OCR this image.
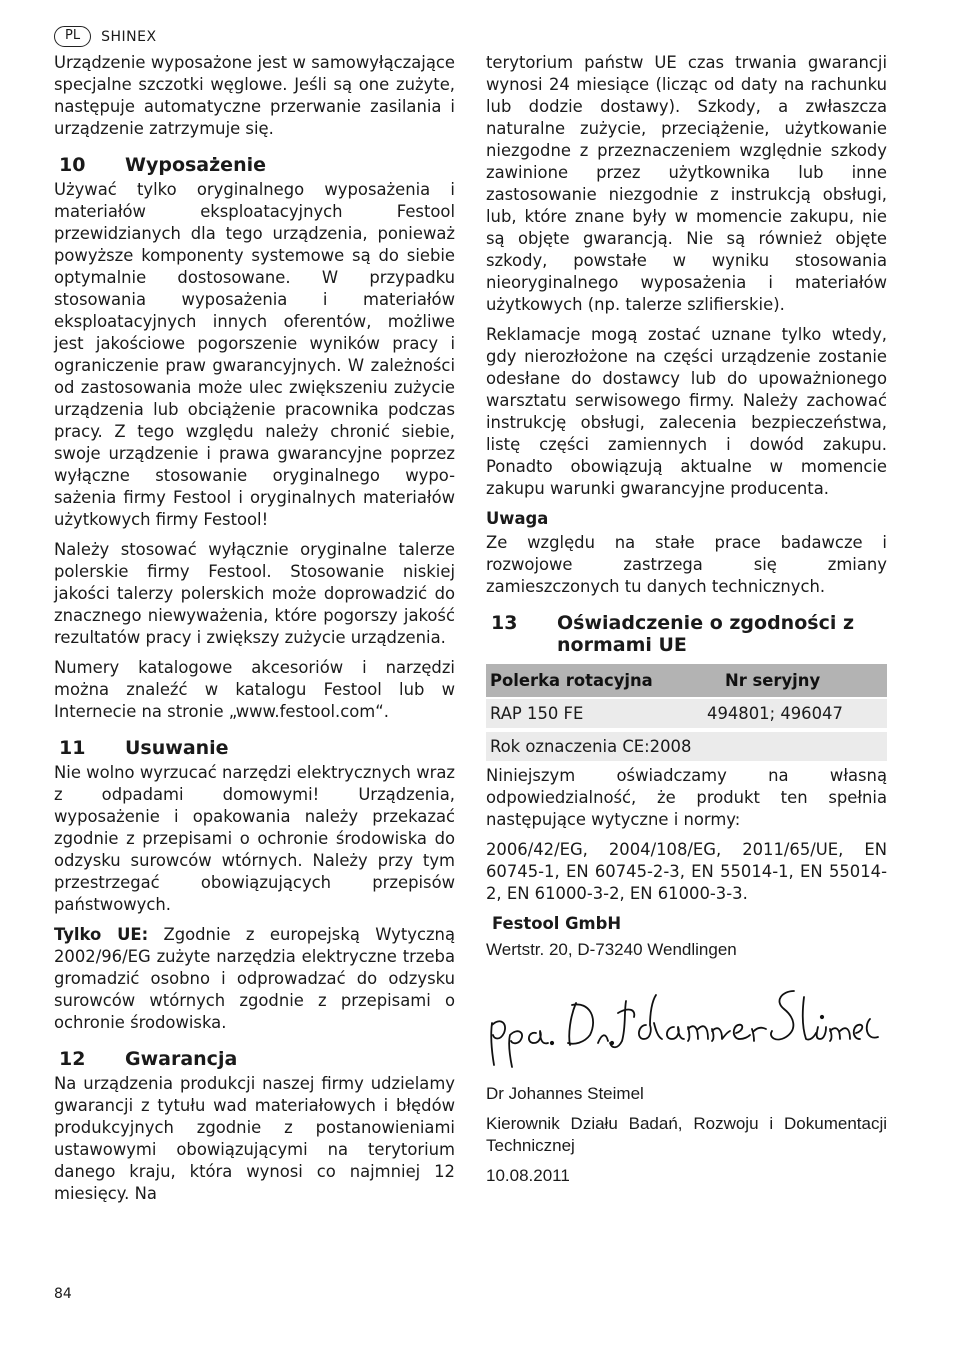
PL	SHINEX

Urządzenie wyposażone jest w samowyłączające specjalne szczotki węglowe. Jeśli są one zużyte, następuje automatyczne przerwanie zasilania i urządzenie zatrzymuje się.

10	Wyposażenie

Używać tylko oryginalnego wyposażenia i materiałów eksploatacyjnych Festool przewidzianych dla tego urządzenia, ponieważ powyższe komponenty systemowe są do siebie optymalnie dostosowane. W przypadku stosowania wyposażenia i materiałów eksploatacyjnych innych oferentów, możliwe jest jakościowe pogorszenie wyników pracy i ograniczenie praw gwarancyjnych. W zależności od zastosowania może ulec zwiększeniu zużycie urządzenia lub obciążenie pracownika podczas pracy. Z tego względu należy chronić siebie, swoje urządzenie i prawa gwarancyjne poprzez wyłączne stosowanie oryginalnego wypo-sażenia firmy Festool i oryginalnych materiałów użytkowych firmy Festool!

Należy stosować wyłącznie oryginalne talerze polerskie firmy Festool. Stosowanie niskiej jakości talerzy polerskich może doprowadzić do znacznego niewyważenia, które pogorszy jakość rezultatów pracy i zwiększy zużycie urządzenia.

Numery katalogowe akcesoriów i narzędzi można znaleźć w katalogu Festool lub w Internecie na stronie „www.festool.com“.

11	Usuwanie

Nie wolno wyrzucać narzędzi elektrycznych wraz z odpadami domowymi! Urządzenia, wyposażenie i opakowania należy przekazać zgodnie z przepisami o ochronie środowiska do odzysku surowców wtórnych. Należy przy tym przestrzegać obowiązujących przepisów państwowych.

Tylko UE: Zgodnie z europejską Wytyczną 2002/96/EG zużyte narzędzia elektryczne trzeba gromadzić osobno i odprowadzać do odzysku surowców wtórnych zgodnie z przepisami o ochronie środowiska.

12	Gwarancja

Na urządzenia produkcji naszej firmy udzielamy gwarancji z tytułu wad materiałowych i błędów produkcyjnych zgodnie z postanowieniami ustawowymi obowiązującymi na terytorium danego kraju, która wynosi co najmniej 12 miesięcy. Na

terytorium państw UE czas trwania gwarancji wynosi 24 miesiące (licząc od daty na rachunku lub dodzie dostawy). Szkody, a zwłaszcza naturalne zużycie, przeciążenie, użytkowanie niezgodne z przeznaczeniem względnie szkody zawinione przez użytkownika lub inne zastosowanie niezgodnie z instrukcją obsługi, lub, które znane były w momencie zakupu, nie są objęte gwarancją. Nie są również objęte szkody, powstałe w wyniku stosowania nieoryginalnego wyposażenia i materiałów użytkowych (np. talerze szlifierskie).

Reklamacje mogą zostać uznane tylko wtedy, gdy nierozłożone na części urządzenie zostanie odesłane do dostawcy lub do upoważnionego warsztatu serwisowego firmy. Należy zachować instrukcję obsługi, zalecenia bezpieczeństwa, listę części zamiennych i dowód zakupu. Ponadto obowiązują aktualne w momencie zakupu warunki gwarancyjne producenta.

Uwaga

Ze względu na stałe prace badawcze i rozwojowe zastrzega się zmiany zamieszczonych tu danych technicznych.

13	Oświadczenie o zgodności z normami UE
Polerka rotacyjna	Nr seryjny
RAP 150 FE	494801; 496047
Rok oznaczenia CE:2008

Niniejszym oświadczamy na własną odpowiedzialność, że produkt ten spełnia następujące wytyczne i normy:

2006/42/EG, 2004/108/EG, 2011/65/UE, EN 60745-1, EN 60745-2-3, EN 55014-1, EN 55014-2, EN 61000-3-2, EN 61000-3-3.

Festool GmbH

Wertstr. 20, D-73240 Wendlingen

Dr Johannes Steimel

Kierownik Działu Badań, Rozwoju i Dokumentacji Technicznej

10.08.2011

84
